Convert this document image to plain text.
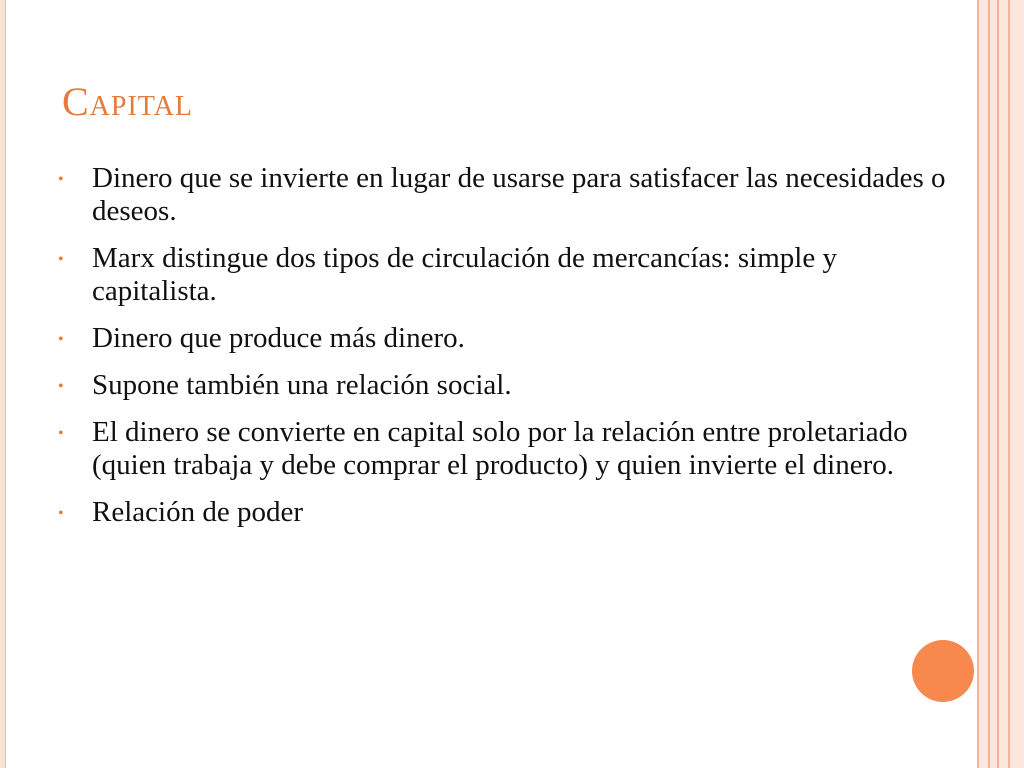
Capital
• Dinero que se invierte en lugar de usarse para satisfacer las necesidades o deseos.
• Marx distingue dos tipos de circulación de mercancías: simple y capitalista.
• Dinero que produce más dinero.
• Supone también una relación social.
• El dinero se convierte en capital solo por la relación entre proletariado (quien trabaja y debe comprar el producto) y quien invierte el dinero.
• Relación de poder
